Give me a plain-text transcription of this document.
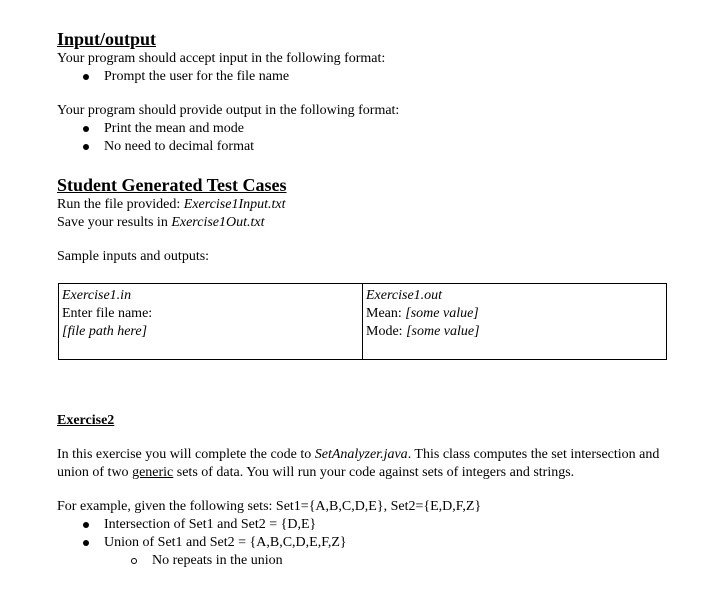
Input/output

Your program should accept input in the following format:

Prompt the user for the file name

Your program should provide output in the following format:

Print the mean and mode
No need to decimal format
Student Generated Test Cases

Run the file provided: Exercise1Input.txt

Save your results in Exercise1Out.txt

Sample inputs and outputs:

Exercise1.in
Enter file name:
[file path here]

Exercise1.out
Mean: [some value]
Mode: [some value]
Exercise2

In this exercise you will complete the code to SetAnalyzer.java. This class computes the set intersection and union of two generic sets of data. You will run your code against sets of integers and strings.

For example, given the following sets: Set1={A,B,C,D,E}, Set2={E,D,F,Z}

Intersection of Set1 and Set2 = {D,E}
Union of Set1 and Set2 = {A,B,C,D,E,F,Z}
No repeats in the union
